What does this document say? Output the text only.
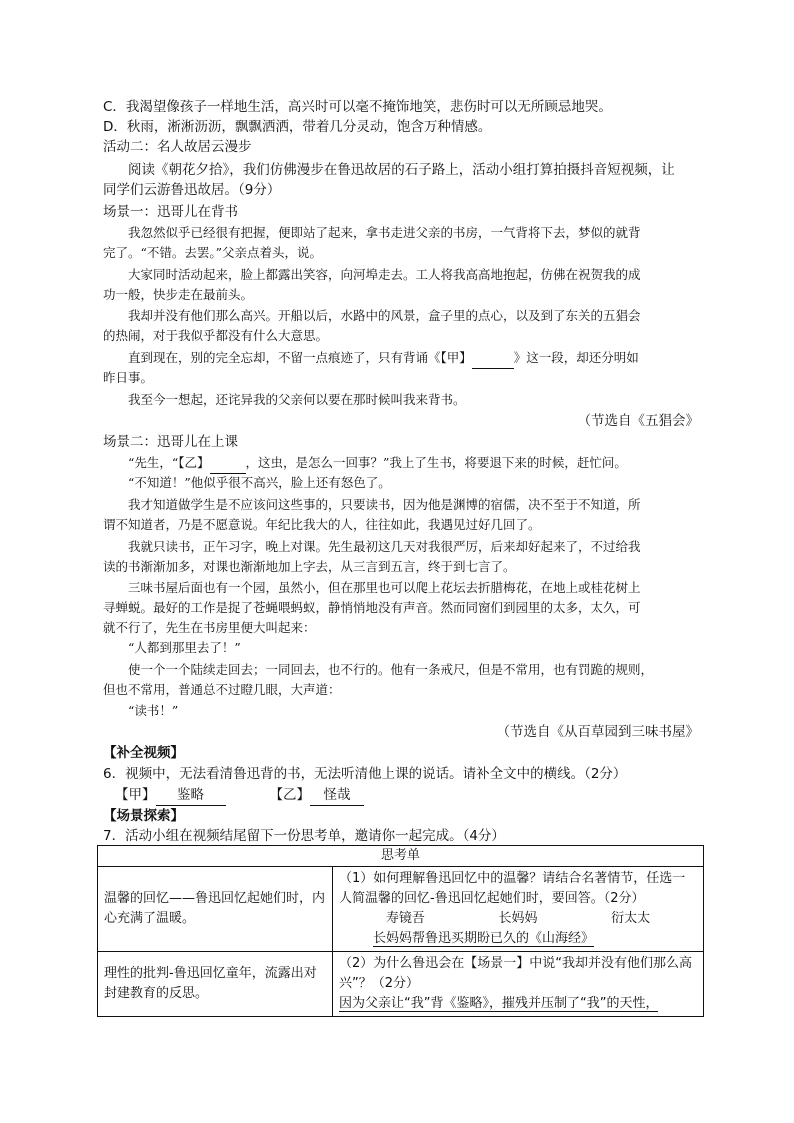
C．我渴望像孩子一样地生活，高兴时可以毫不掩饰地笑，悲伤时可以无所顾忌地哭。
D．秋雨，淅淅沥沥，飘飘洒洒，带着几分灵动，饱含万种情感。
活动二：名人故居云漫步
阅读《朝花夕拾》，我们仿佛漫步在鲁迅故居的石子路上，活动小组打算拍摄抖音短视频，让
同学们云游鲁迅故居。（9分）
场景一：迅哥儿在背书
我忽然似乎已经很有把握，便即站了起来，拿书走进父亲的书房，一气背将下去，梦似的就背
完了。“不错。去罢。”父亲点着头，说。
大家同时活动起来，脸上都露出笑容，向河埠走去。工人将我高高地抱起，仿佛在祝贺我的成
功一般，快步走在最前头。
我却并没有他们那么高兴。开船以后，水路中的风景，盒子里的点心，以及到了东关的五猖会
的热闹，对于我似乎都没有什么大意思。
直到现在，别的完全忘却，不留一点痕迹了，只有背诵《【甲】	》这一段，却还分明如
昨日事。
我至今一想起，还诧异我的父亲何以要在那时候叫我来背书。
（节选自《五猖会》
场景二：迅哥儿在上课
“先生，“【乙】	，这虫，是怎么一回事？”我上了生书，将要退下来的时候，赶忙问。
“不知道！”他似乎很不高兴，脸上还有怒色了。
我才知道做学生是不应该问这些事的，只要读书，因为他是渊博的宿儒，决不至于不知道，所
谓不知道者，乃是不愿意说。年纪比我大的人，往往如此，我遇见过好几回了。
我就只读书，正午习字，晚上对课。先生最初这几天对我很严厉，后来却好起来了，不过给我
读的书渐渐加多，对课也渐渐地加上字去，从三言到五言，终于到七言了。
三味书屋后面也有一个园，虽然小，但在那里也可以爬上花坛去折腊梅花，在地上或桂花树上
寻蝉蜕。最好的工作是捉了苍蝇喂蚂蚁，静悄悄地没有声音。然而同窗们到园里的太多，太久，可
就不行了，先生在书房里便大叫起来：
“人都到那里去了！”
使一个一个陆续走回去；一同回去，也不行的。他有一条戒尺，但是不常用，也有罚跪的规则，
但也不常用，普通总不过瞪几眼，大声道：
“读书！”
（节选自《从百草园到三味书屋》
【补全视频】
6．视频中，无法看清鲁迅背的书，无法听清他上课的说话。请补全文中的横线。（2分）
【甲】 鉴略	【乙】 怪哉
【场景探索】
7．活动小组在视频结尾留下一份思考单，邀请你一起完成。（4分）
思考单	
温馨的回忆——鲁迅回忆起她们时，内心充满了温暖。	（1）如何理解鲁迅回忆中的温馨？请结合名著情节，任选一人简温馨的回忆-鲁迅回忆起她们时，要回答。（2分）
寿镜吾 长妈妈 衍太太
长妈妈帮鲁迅买期盼已久的《山海经》

理性的批判-鲁迅回忆童年，流露出对封建教育的反思。	（2）为什么鲁迅会在【场景一】中说“我却并没有他们那么高兴”？（2分）
因为父亲让“我”背《鉴略》，摧残并压制了“我”的天性，
